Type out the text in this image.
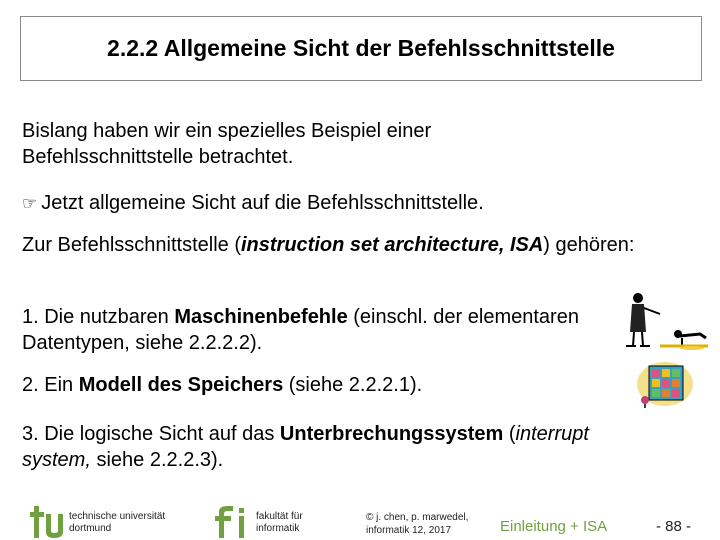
2.2.2 Allgemeine Sicht der Befehlsschnittstelle
Bislang haben wir ein spezielles Beispiel einer Befehlsschnittstelle betrachtet.
☞ Jetzt allgemeine Sicht auf die Befehlsschnittstelle.
Zur Befehlsschnittstelle (instruction set architecture, ISA) gehören:
1. Die nutzbaren Maschinenbefehle (einschl. der elementaren Datentypen, siehe 2.2.2.2).
2. Ein Modell des Speichers (siehe 2.2.2.1).
3. Die logische Sicht auf das Unterbrechungssystem (interrupt system, siehe 2.2.2.3).
technische universität
dortmund
fakultät für
informatik
© j. chen, p. marwedel,
informatik 12, 2017	Einleitung + ISA	- 88 -
